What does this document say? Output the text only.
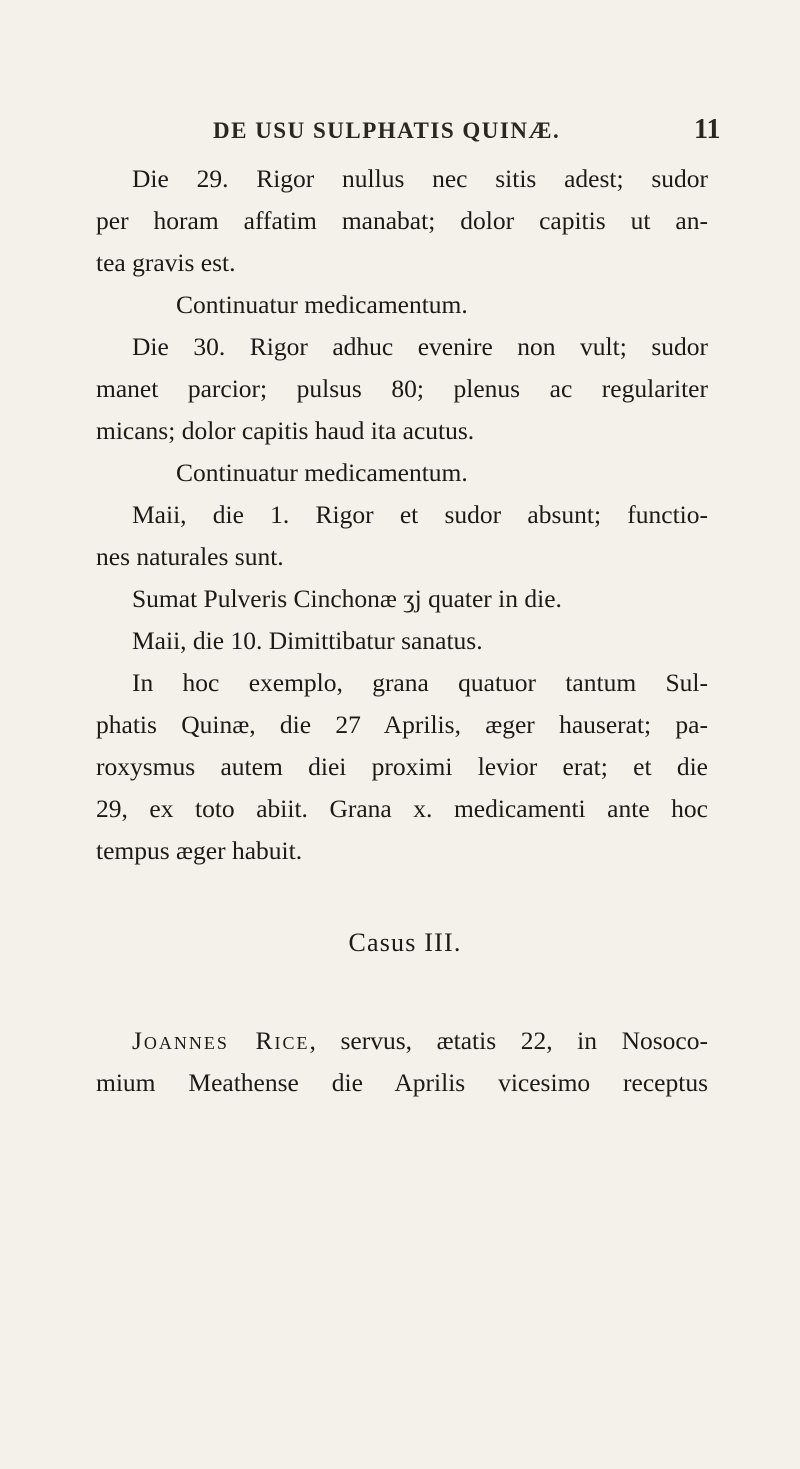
DE USU SULPHATIS QUINÆ.	11
Die 29. Rigor nullus nec sitis adest; sudor
per horam affatim manabat; dolor capitis ut an-
tea gravis est.
Continuatur medicamentum.
Die 30. Rigor adhuc evenire non vult; sudor
manet parcior; pulsus 80; plenus ac regulariter
micans; dolor capitis haud ita acutus.
Continuatur medicamentum.
Maii, die 1. Rigor et sudor absunt; functio-
nes naturales sunt.
Sumat Pulveris Cinchonæ ʒj quater in die.
Maii, die 10. Dimittibatur sanatus.
In hoc exemplo, grana quatuor tantum Sul-
phatis Quinæ, die 27 Aprilis, æger hauserat; pa-
roxysmus autem diei proximi levior erat; et die
29, ex toto abiit. Grana x. medicamenti ante hoc
tempus æger habuit.
Casus III.
Joannes Rice, servus, ætatis 22, in Nosoco-
mium Meathense die Aprilis vicesimo receptus
